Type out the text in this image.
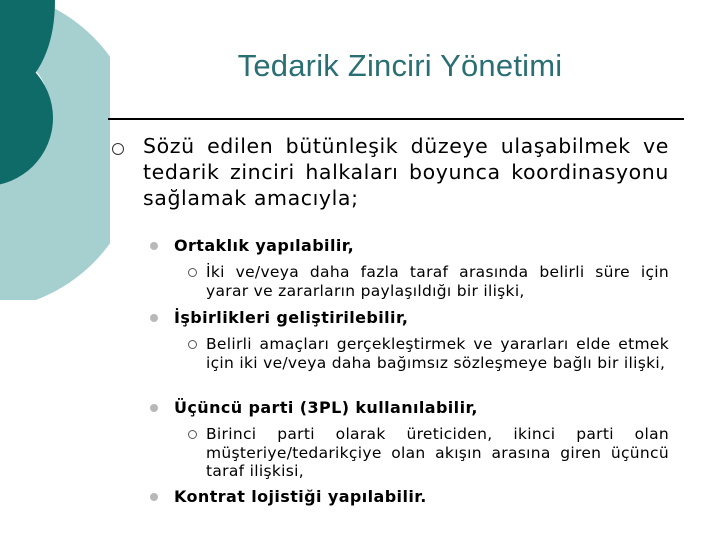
Tedarik Zinciri Yönetimi
Sözü edilen bütünleşik düzeye ulaşabilmek ve tedarik zinciri halkaları boyunca koordinasyonu sağlamak amacıyla;
Ortaklık yapılabilir,
İki ve/veya daha fazla taraf arasında belirli süre için yarar ve zararların paylaşıldığı bir ilişki,
İşbirlikleri geliştirilebilir,
Belirli amaçları gerçekleştirmek ve yararları elde etmek için iki ve/veya daha bağımsız sözleşmeye bağlı bir ilişki,
Üçüncü parti (3PL) kullanılabilir,
Birinci parti olarak üreticiden, ikinci parti olan müşteriye/tedarikçiye olan akışın arasına giren üçüncü taraf ilişkisi,
Kontrat lojistiği yapılabilir.
